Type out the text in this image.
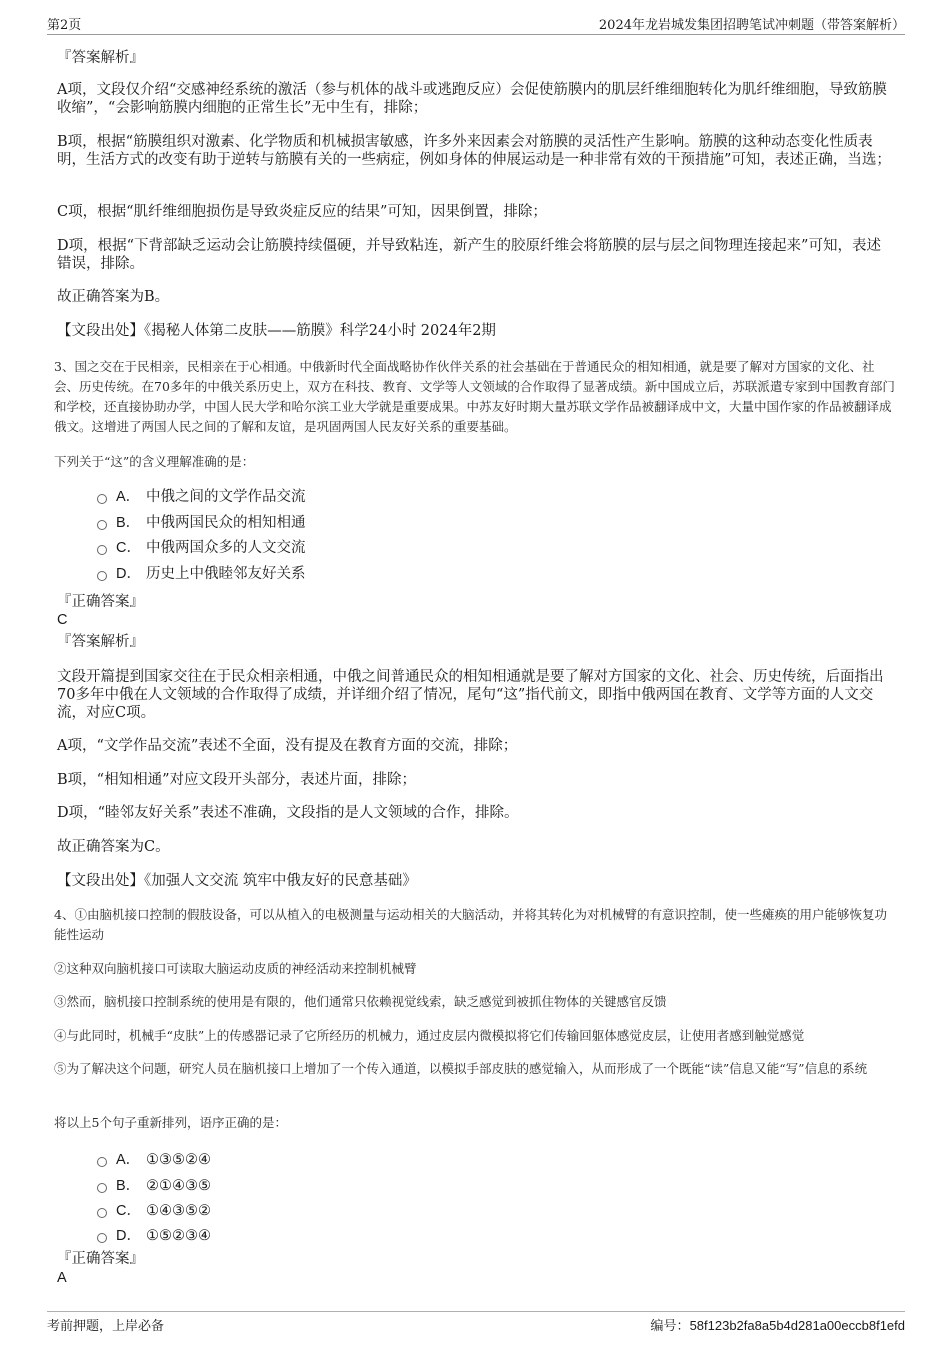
第2页	2024年龙岩城发集团招聘笔试冲刺题（带答案解析）
『答案解析』
A项，文段仅介绍“交感神经系统的激活（参与机体的战斗或逃跑反应）会促使筋膜内的肌层纤维细胞转化为肌纤维细胞，导致筋膜收缩”，“会影响筋膜内细胞的正常生长”无中生有，排除；
B项，根据“筋膜组织对激素、化学物质和机械损害敏感，许多外来因素会对筋膜的灵活性产生影响。筋膜的这种动态变化性质表明，生活方式的改变有助于逆转与筋膜有关的一些病症，例如身体的伸展运动是一种非常有效的干预措施”可知，表述正确，当选；
C项，根据“肌纤维细胞损伤是导致炎症反应的结果”可知，因果倒置，排除；
D项，根据“下背部缺乏运动会让筋膜持续僵硬，并导致粘连，新产生的胶原纤维会将筋膜的层与层之间物理连接起来”可知，表述错误，排除。
故正确答案为B。
【文段出处】《揭秘人体第二皮肤——筋膜》科学24小时 2024年2期
3、国之交在于民相亲，民相亲在于心相通。中俄新时代全面战略协作伙伴关系的社会基础在于普通民众的相知相通，就是要了解对方国家的文化、社会、历史传统。在70多年的中俄关系历史上，双方在科技、教育、文学等人文领域的合作取得了显著成绩。新中国成立后，苏联派遣专家到中国教育部门和学校，还直接协助办学，中国人民大学和哈尔滨工业大学就是重要成果。中苏友好时期大量苏联文学作品被翻译成中文，大量中国作家的作品被翻译成俄文。这增进了两国人民之间的了解和友谊，是巩固两国人民友好关系的重要基础。
下列关于“这”的含义理解准确的是：
A． 中俄之间的文学作品交流
B． 中俄两国民众的相知相通
C． 中俄两国众多的人文交流
D． 历史上中俄睦邻友好关系
『正确答案』
C
『答案解析』
文段开篇提到国家交往在于民众相亲相通，中俄之间普通民众的相知相通就是要了解对方国家的文化、社会、历史传统，后面指出70多年中俄在人文领域的合作取得了成绩，并详细介绍了情况，尾句“这”指代前文，即指中俄两国在教育、文学等方面的人文交流，对应C项。
A项，“文学作品交流”表述不全面，没有提及在教育方面的交流，排除；
B项，“相知相通”对应文段开头部分，表述片面，排除；
D项，“睦邻友好关系”表述不准确，文段指的是人文领域的合作，排除。
故正确答案为C。
【文段出处】《加强人文交流 筑牢中俄友好的民意基础》
4、①由脑机接口控制的假肢设备，可以从植入的电极测量与运动相关的大脑活动，并将其转化为对机械臂的有意识控制，使一些瘫痪的用户能够恢复功能性运动
②这种双向脑机接口可读取大脑运动皮质的神经活动来控制机械臂
③然而，脑机接口控制系统的使用是有限的，他们通常只依赖视觉线索，缺乏感觉到被抓住物体的关键感官反馈
④与此同时，机械手“皮肤”上的传感器记录了它所经历的机械力，通过皮层内微模拟将它们传输回躯体感觉皮层，让使用者感到触觉感觉
⑤为了解决这个问题，研究人员在脑机接口上增加了一个传入通道，以模拟手部皮肤的感觉输入，从而形成了一个既能“读”信息又能“写”信息的系统
将以上5个句子重新排列，语序正确的是：
A． ①③⑤②④
B． ②①④③⑤
C． ①④③⑤②
D． ①⑤②③④
『正确答案』
A
考前押题，上岸必备	编号：58f123b2fa8a5b4d281a00eccb8f1efd
